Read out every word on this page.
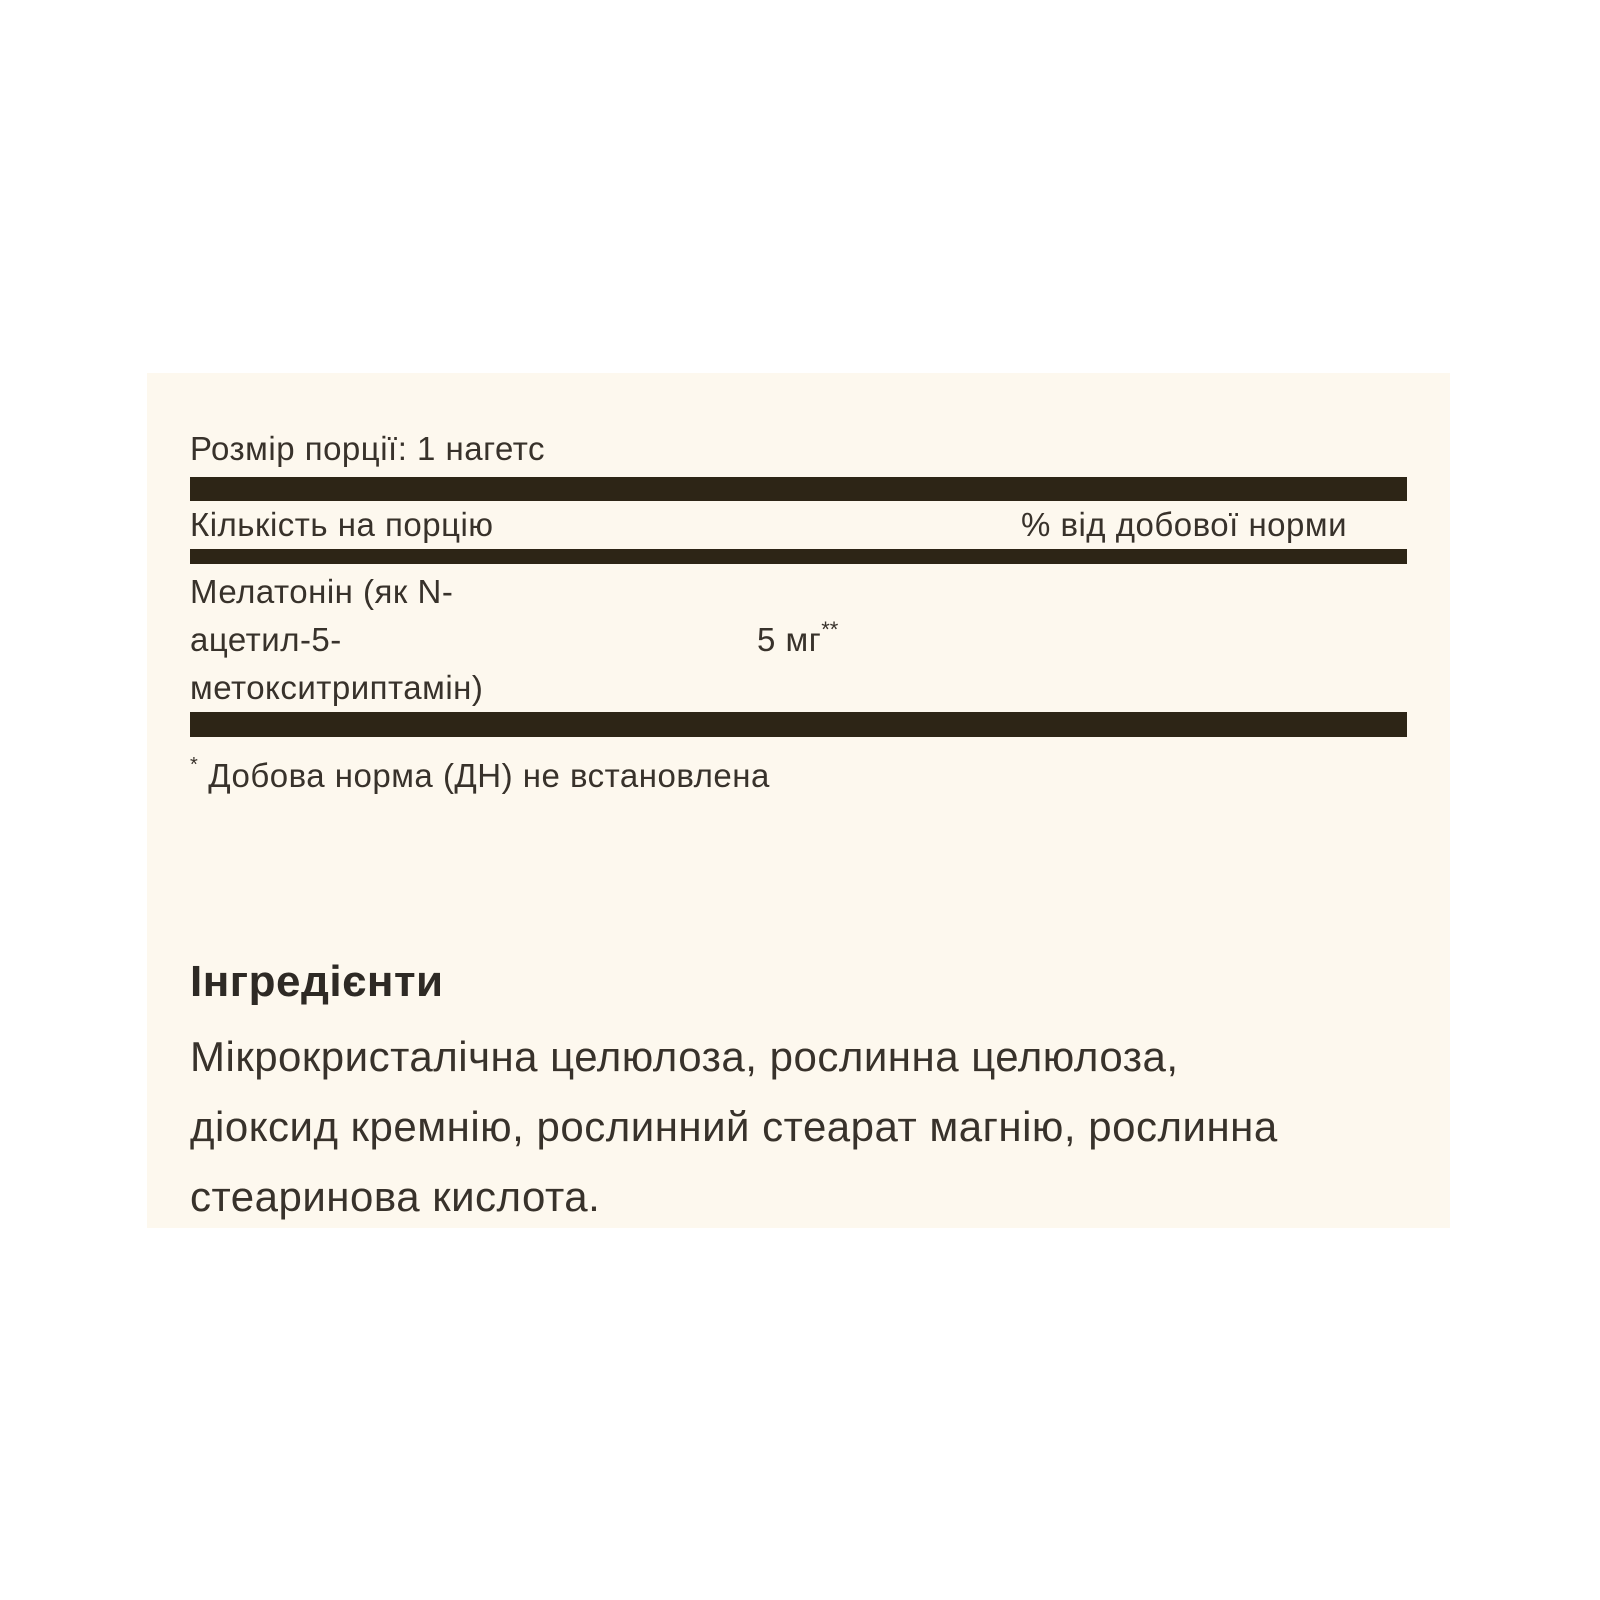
Розмір порції: 1 нагетс
Кількість на порцію	% від добової норми
Мелатонін (як N-
ацетил-5-
метокситриптамін)
5 мг**
* Добова норма (ДН) не встановлена
Інгредієнти
Мікрокристалічна целюлоза, рослинна целюлоза,
діоксид кремнію, рослинний стеарат магнію, рослинна
стеаринова кислота.
